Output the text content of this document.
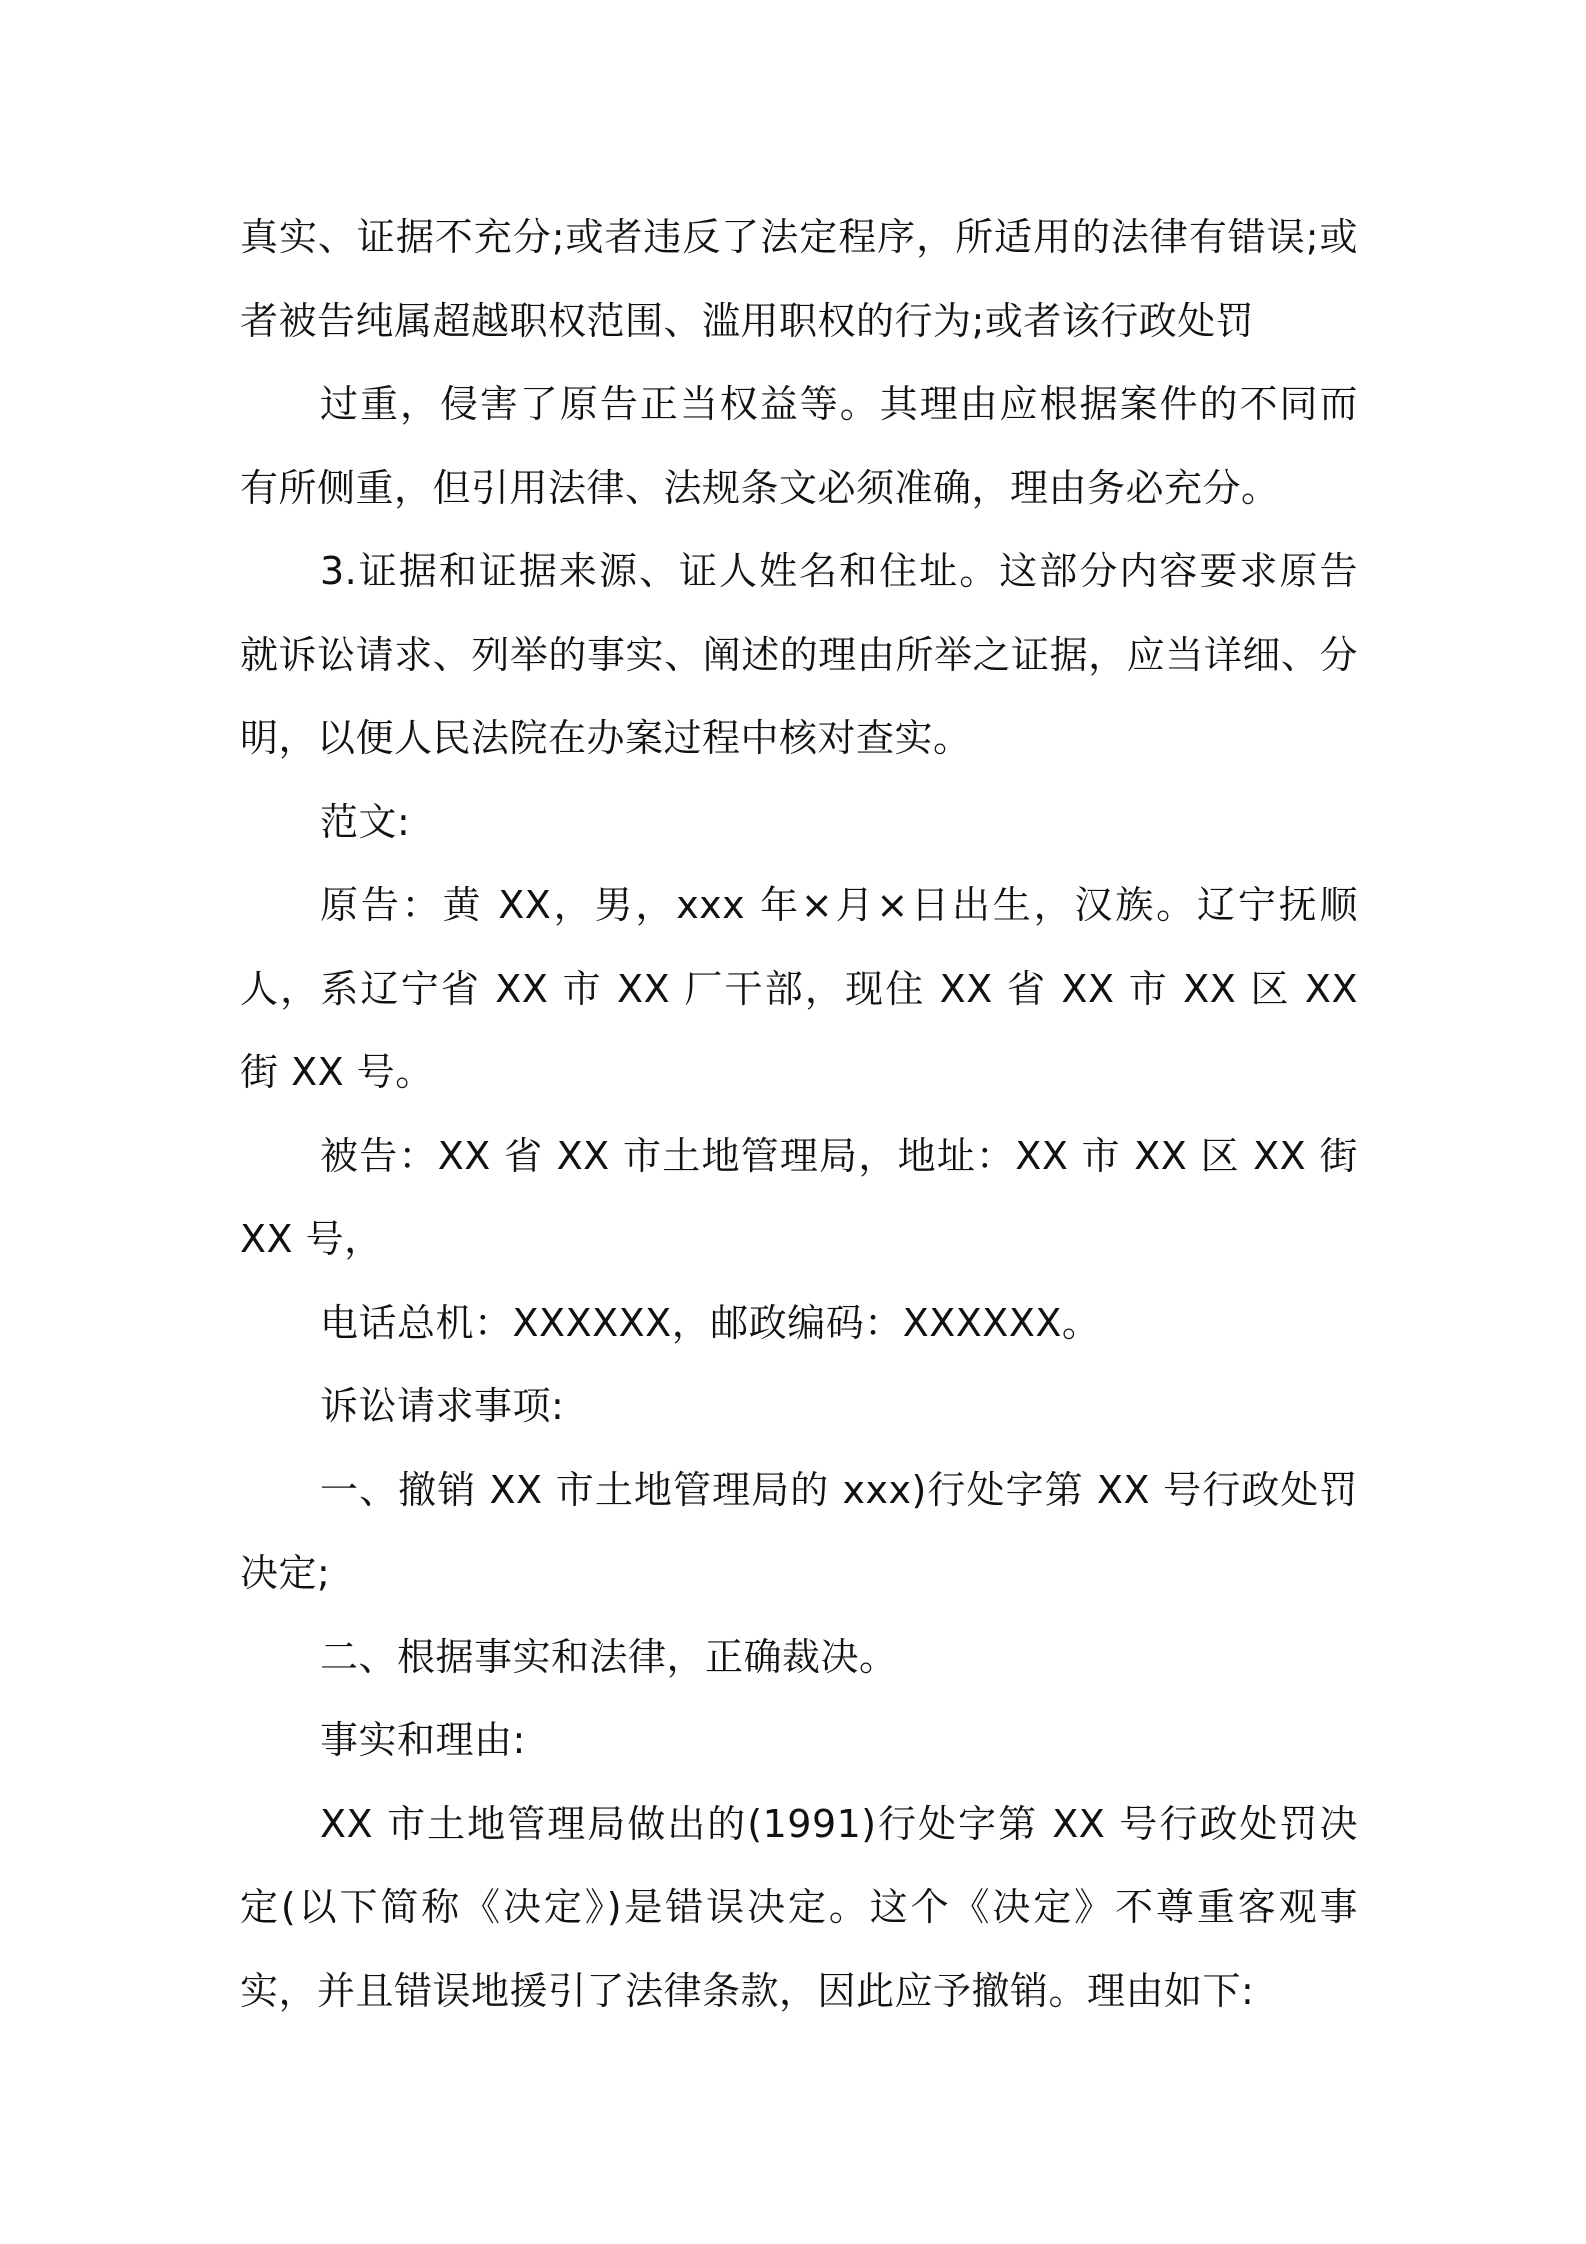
真实、证据不充分;或者违反了法定程序，所适用的法律有错误;或者被告纯属超越职权范围、滥用职权的行为;或者该行政处罚

过重，侵害了原告正当权益等。其理由应根据案件的不同而有所侧重，但引用法律、法规条文必须准确，理由务必充分。

3.证据和证据来源、证人姓名和住址。这部分内容要求原告就诉讼请求、列举的事实、阐述的理由所举之证据，应当详细、分明，以便人民法院在办案过程中核对查实。

范文:

原告：黄 XX，男，xxx 年×月×日出生，汉族。辽宁抚顺人，系辽宁省 XX 市 XX 厂干部，现住 XX 省 XX 市 XX 区 XX 街 XX 号。

被告：XX 省 XX 市土地管理局，地址：XX 市 XX 区 XX 街 XX 号，

电话总机：XXXXXX，邮政编码：XXXXXX。

诉讼请求事项:

一、撤销 XX 市土地管理局的 xxx)行处字第 XX 号行政处罚决定;

二、根据事实和法律，正确裁决。

事实和理由:

XX 市土地管理局做出的(1991)行处字第 XX 号行政处罚决定(以下简称《决定》)是错误决定。这个《决定》不尊重客观事实，并且错误地援引了法律条款，因此应予撤销。理由如下:
